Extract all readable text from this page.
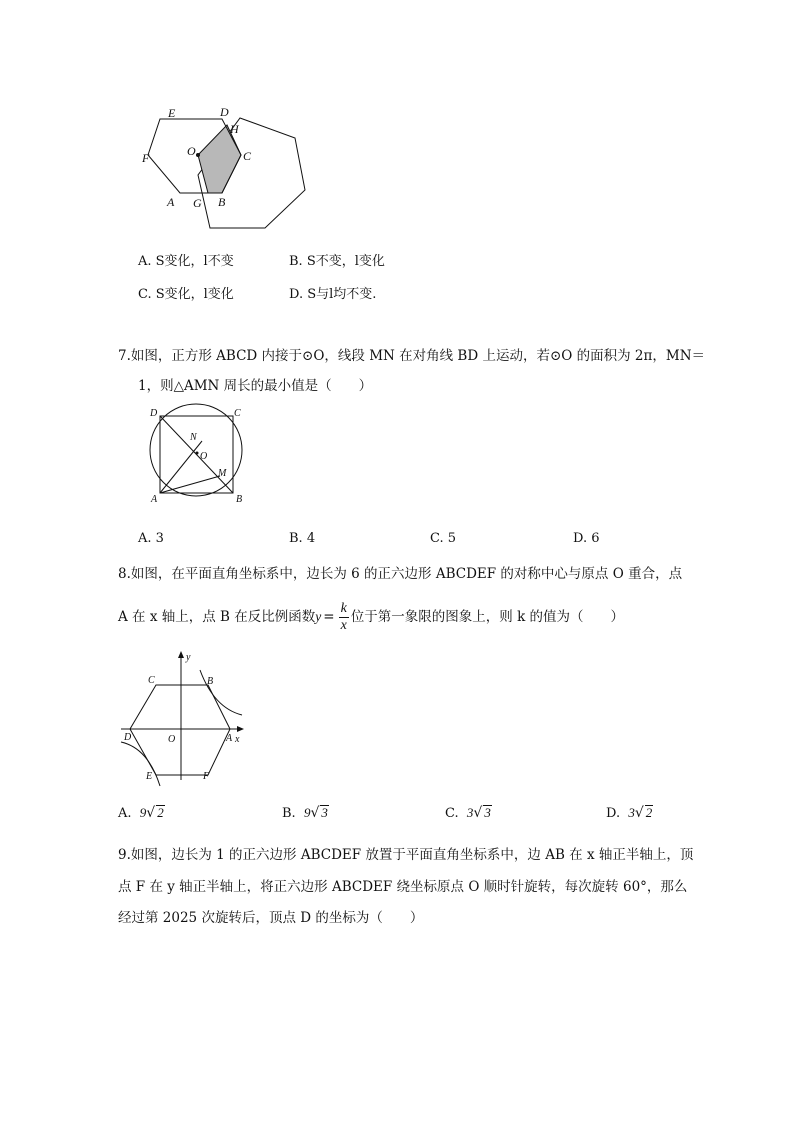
E	D
H
O	C
F
A G B
A. S变化，l不变	B. S不变，l变化
C. S变化，l变化	D. S与l均不变.
7.如图，正方形 ABCD 内接于⊙O，线段 MN 在对角线 BD 上运动，若⊙O 的面积为 2π，MN＝
1，则△AMN 周长的最小值是（　　）
D	C
N
O
M
A	B
A. 3	B. 4	C. 5	D. 6
8.如图，在平面直角坐标系中，边长为 6 的正六边形 ABCDEF 的对称中心与原点 O 重合，点
A 在 x 轴上，点 B 在反比例函数$y = \frac{k}{x}$ 位于第一象限的图象上，则 k 的值为（　　）
y
C	B
D	O	A x
E	F
A. 9√ 2	B. 9√ 3	C. 3√ 3	D. 3√ 2
9.如图，边长为 1 的正六边形 ABCDEF 放置于平面直角坐标系中，边 AB 在 x 轴正半轴上，顶
点 F 在 y 轴正半轴上，将正六边形 ABCDEF 绕坐标原点 O 顺时针旋转，每次旋转 60°，那么
经过第 2025 次旋转后，顶点 D 的坐标为（　　）
